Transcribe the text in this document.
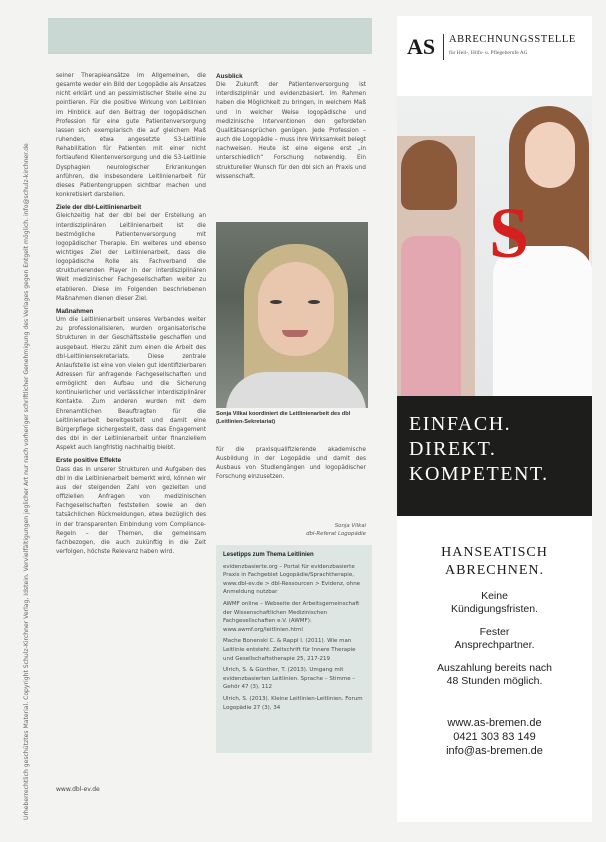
Urheberrechtlich geschütztes Material. Copyright Schulz-Kirchner Verlag, Idstein. Vervielfältigungen jeglicher Art nur nach vorheriger schriftlicher Genehmigung des Verlages gegen Entgelt möglich. info@schulz-kirchner.de

seiner Therapieansätze im Allgemeinen, die gesamte weder ein Bild der Logopädie als Ansatzes nicht erklärt und an pessimistischer Stelle eine zu pointieren. Für die positive Wirkung von Leitlinien im Hinblick auf den Beitrag der logopädischen Profession für eine gute Patientenversorgung lassen sich exemplarisch die auf gleichem Maß ruhenden, etwa angesetzte S3-Leitlinie Rehabilitation für Patienten mit einer nicht fortlaufend Klientenversorgung und die S3-Leitlinie Dysphagien neurologischer Erkrankungen anführen, die insbesondere Leitlinienarbeit für dieses Patientengruppen sichtbar machen und konkretisiert darstellen.

Ziele der dbl-Leitlinienarbeit

Gleichzeitig hat der dbl bei der Erstellung an interdisziplinären Leitlinienarbeit ist die bestmögliche Patientenversorgung mit logopädischer Therapie. Ein weiteres und ebenso wichtiges Ziel der Leitlinienarbeit, dass die logopädische Rolle als Fachverband die strukturierenden Player in der interdisziplinären Welt medizinischer Fachgesellschaften weiter zu etablieren. Diese im Folgenden beschriebenen Maßnahmen dienen dieser Ziel.

Maßnahmen

Um die Leitlinienarbeit unseres Verbandes weiter zu professionalisieren, wurden organisatorische Strukturen in der Geschäftsstelle geschaffen und ausgebaut. Hierzu zählt zum einen die Arbeit des dbl-Leitliniensekretariats. Diese zentrale Anlaufstelle ist eine von vielen gut identifizierbaren Adressen für anfragende Fachgesellschaften und ermöglicht den Aufbau und die Sicherung kontinuierlicher und verlässlicher interdisziplinärer Kontakte. Zum anderen wurden mit dem Ehrenamtlichen Beauftragten für die Leitlinienarbeit bereitgestellt und damit eine Bürgerpflege sichergestellt, dass das Engagement des dbl in der Leitlinienarbeit unter finanziellem Aspekt auch langfristig nachhaltig bleibt.

Erste positive Effekte

Dass das in unserer Strukturen und Aufgaben des dbl in die Leitlinienarbeit bemerkt wird, können wir aus der steigenden Zahl von gezielten und offiziellen Anfragen von medizinischen Fachgesellschaften feststellen sowie an den tatsächlichen Rückmeldungen, etwa bezüglich des in der transparenten Einbindung vom Compliance-Regeln – der Themen, die gemeinsam fachbezogen, die auch zukünftig in die Zeit verfolgen, höchste Relevanz haben wird.

Ausblick

Die Zukunft der Patientenversorgung ist interdisziplinär und evidenzbasiert. Im Rahmen haben die Möglichkeit zu bringen, in welchem Maß und in welcher Weise logopädische und medizinische Interventionen den gefordeten Qualitätsansprüchen genügen. Jede Profession – auch die Logopädie – muss ihre Wirksamkeit belegt nachweisen. Heute ist eine eigene erst „in unterschiedlich“ Forschung notwendig. Ein struktureller Wunsch für den dbl sich an Praxis und wissenschaft.

Sonja Vilkai koordiniert die Leitlinienarbeit des dbl (Leitlinien-Sekretariat)

für die praxisqualifizierende akademische Ausbildung in der Logopädie und damit des Ausbaus von Studiengängen und logopädischer Forschung einzusetzen.

Sonja Vilkai
dbl-Referat Logopädie
Lesetipps zum Thema Leitlinien

evidenzbasierte.org – Portal für evidenzbasierte Praxis in Fachgebiet Logopädie/Sprachtherapie, www.dbl-ev.de > dbl-Ressourcen > Evidenz, ohne Anmeldung nutzbar

AWMF online – Webseite der Arbeitsgemeinschaft der Wissenschaftlichen Medizinischen Fachgesellschaften e.V. (AWMF): www.awmf.org/leitlinien.html

Mache Bonenski C. & Rappl I. (2011). Wie man Leitlinie entsteht. Zeitschrift für Innere Therapie und Gesellschaftstherapie 25, 217-219

Ulrich, S. & Günther, T. (2013). Umgang mit evidenzbasierten Leitlinien. Sprache – Stimme – Gehör 47 (3), 112

Ulrich, S. (2013). Kleine Leitlinien-Leitlinien. Forum Logopädie 27 (3), 34

www.dbl-ev.de
AS ABRECHNUNGSSTELLE
für Heil-, Hilfs- u. Pflegeberufe AG
S
EINFACH.
DIREKT.
KOMPETENT.
HANSEATISCH
ABRECHNEN.
Keine
Kündigungsfristen.
Fester
Ansprechpartner.
Auszahlung bereits nach
48 Stunden möglich.
www.as-bremen.de
0421 303 83 149
info@as-bremen.de
